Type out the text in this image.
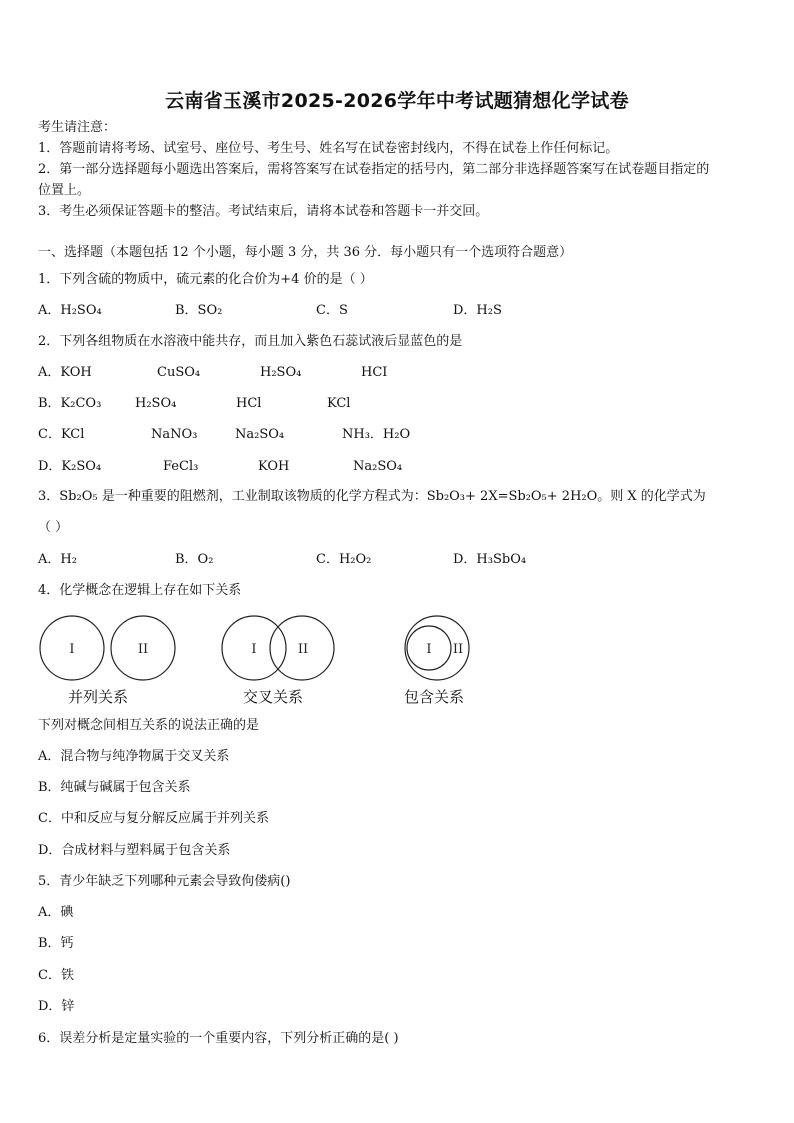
云南省玉溪市2025-2026学年中考试题猜想化学试卷
考生请注意：
1．答题前请将考场、试室号、座位号、考生号、姓名写在试卷密封线内，不得在试卷上作任何标记。
2．第一部分选择题每小题选出答案后，需将答案写在试卷指定的括号内，第二部分非选择题答案写在试卷题目指定的
位置上。
3．考生必须保证答题卡的整洁。考试结束后，请将本试卷和答题卡一并交回。
一、选择题（本题包括 12 个小题，每小题 3 分，共 36 分．每小题只有一个选项符合题意）
1．下列含硫的物质中，硫元素的化合价为+4 价的是（ ）
A．H₂SO₄	B．SO₂	C．S	D．H₂S
2．下列各组物质在水溶液中能共存，而且加入紫色石蕊试液后显蓝色的是
A．KOH	CuSO₄	H₂SO₄	HCI
B．K₂CO₃	H₂SO₄	HCl	KCl
C．KCl	NaNO₃	Na₂SO₄	NH₃．H₂O
D．K₂SO₄	FeCl₃	KOH	Na₂SO₄
3．Sb₂O₅ 是一种重要的阻燃剂，工业制取该物质的化学方程式为：Sb₂O₃+ 2X=Sb₂O₅+ 2H₂O。则 X 的化学式为
（ ）
A．H₂	B．O₂	C．H₂O₂	D．H₃SbO₄
4．化学概念在逻辑上存在如下关系
I	II	I	II	I II
并列关系	交叉关系	包含关系
下列对概念间相互关系的说法正确的是
A．混合物与纯净物属于交叉关系
B．纯碱与碱属于包含关系
C．中和反应与复分解反应属于并列关系
D．合成材料与塑料属于包含关系
5．青少年缺乏下列哪种元素会导致佝偻病()
A．碘
B．钙
C．铁
D．锌
6．误差分析是定量实验的一个重要内容，下列分析正确的是( )
